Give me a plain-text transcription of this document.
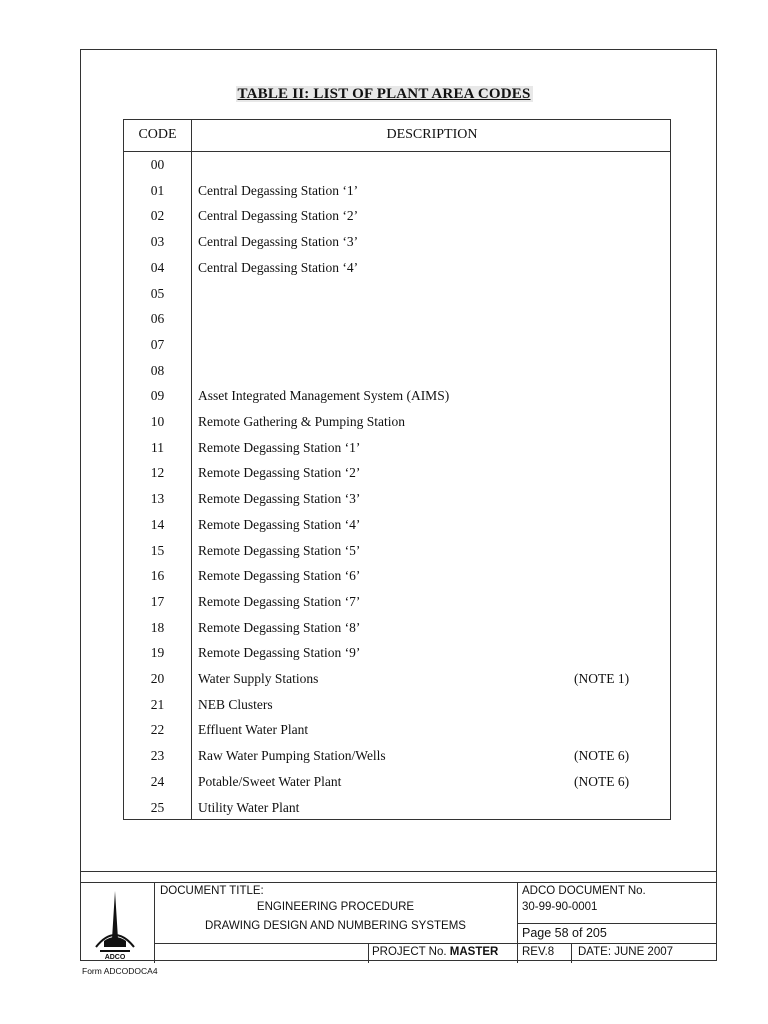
TABLE II: LIST OF PLANT AREA CODES
CODE	DESCRIPTION
00
01	Central Degassing Station ‘1’
02	Central Degassing Station ‘2’
03	Central Degassing Station ‘3’
04	Central Degassing Station ‘4’
05
06
07
08
09	Asset Integrated Management System (AIMS)
10	Remote Gathering & Pumping Station
11	Remote Degassing Station ‘1’
12	Remote Degassing Station ‘2’
13	Remote Degassing Station ‘3’
14	Remote Degassing Station ‘4’
15	Remote Degassing Station ‘5’
16	Remote Degassing Station ‘6’
17	Remote Degassing Station ‘7’
18	Remote Degassing Station ‘8’
19	Remote Degassing Station ‘9’
20	Water Supply Stations	(NOTE 1)
21	NEB Clusters
22	Effluent Water Plant
23	Raw Water Pumping Station/Wells	(NOTE 6)
24	Potable/Sweet Water Plant	(NOTE 6)
25	Utility Water Plant
ADCO
DOCUMENT TITLE:
ENGINEERING PROCEDURE
DRAWING DESIGN AND NUMBERING SYSTEMS
ADCO DOCUMENT No.
30-99-90-0001
Page 58 of 205
PROJECT No. MASTER REV.8 DATE: JUNE 2007
Form ADCODOCA4
